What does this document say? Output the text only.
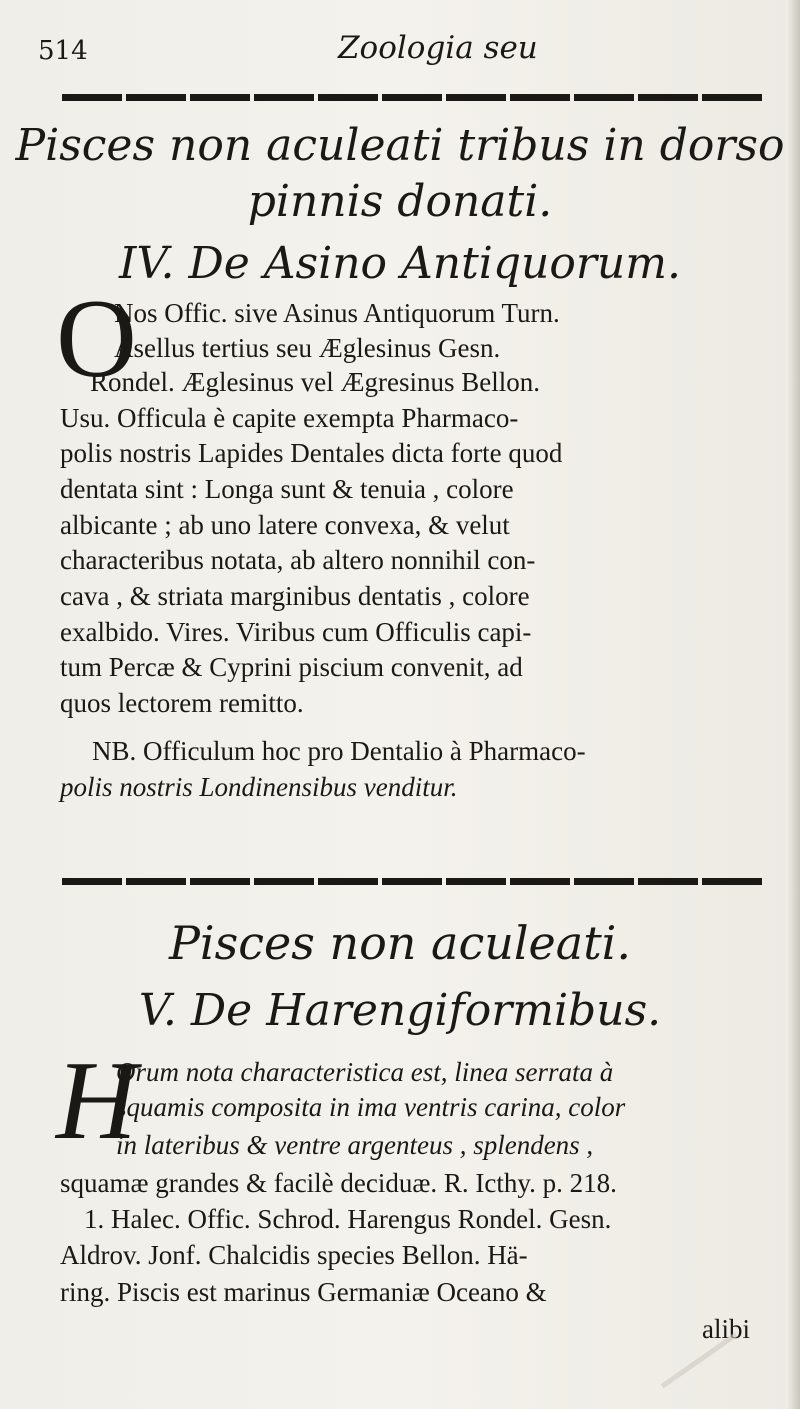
514	Zoologia seu
Pisces non aculeati tribus in dorso
pinnis donati.
IV. De Asino Antiquorum.
O
Nos Offic. sive Asinus Antiquorum Turn.
Asellus tertius seu Æglesinus Gesn.
Rondel. Æglesinus vel Ægresinus Bellon.
Usu. Officula è capite exempta Pharmaco-
polis nostris Lapides Dentales dicta forte quod
dentata sint : Longa sunt & tenuia , colore
albicante ; ab uno latere convexa, & velut
characteribus notata, ab altero nonnihil con-
cava , & striata marginibus dentatis , colore
exalbido. Vires. Viribus cum Officulis capi-
tum Percæ & Cyprini piscium convenit, ad
quos lectorem remitto.
NB. Officulum hoc pro Dentalio à Pharmaco-
polis nostris Londinensibus venditur.
Pisces non aculeati.
V. De Harengiformibus.
H
Orum nota characteristica est, linea serrata à
squamis composita in ima ventris carina, color
in lateribus & ventre argenteus , splendens ,
squamæ grandes & facilè deciduæ. R. Icthy. p. 218.
1. Halec. Offic. Schrod. Harengus Rondel. Gesn.
Aldrov. Jonf. Chalcidis species Bellon. Hä-
ring. Piscis est marinus Germaniæ Oceano &
alibi
